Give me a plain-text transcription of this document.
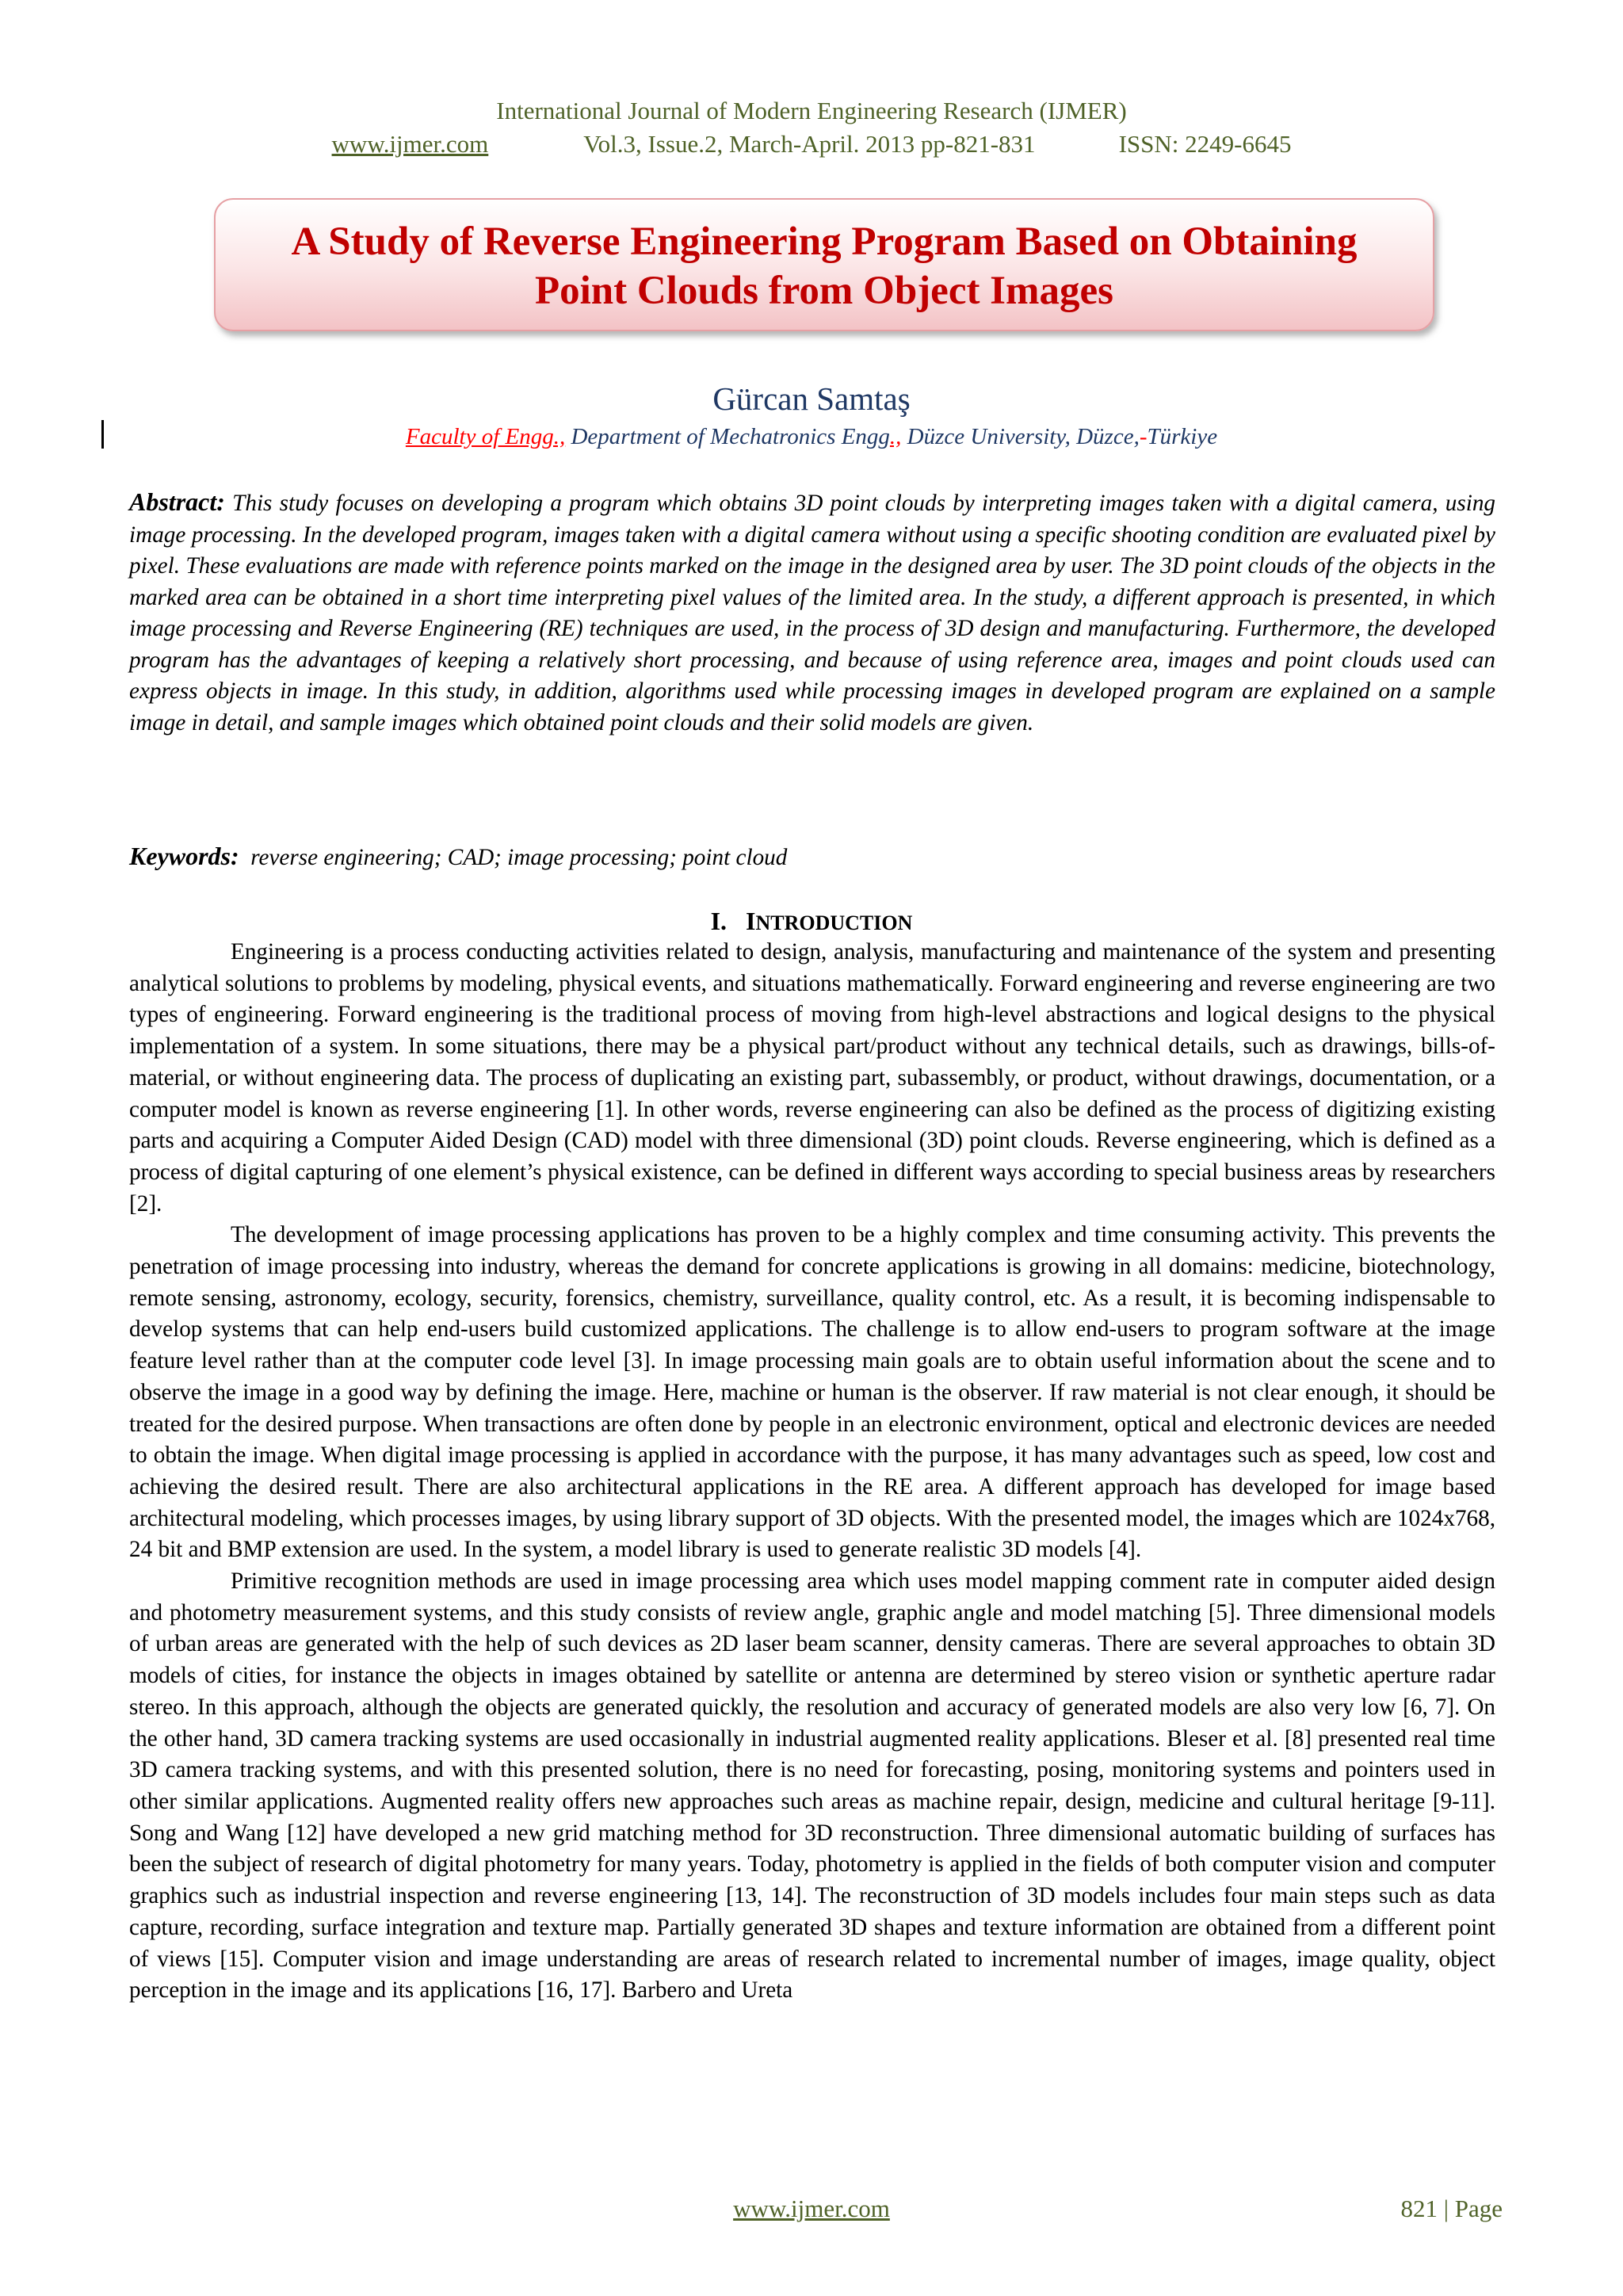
International Journal of Modern Engineering Research (IJMER)
www.ijmer.com	Vol.3, Issue.2, March-April. 2013 pp-821-831	ISSN: 2249-6645
A Study of Reverse Engineering Program Based on Obtaining
Point Clouds from Object Images
Gürcan Samtaş
Faculty of Engg., Department of Mechatronics Engg., Düzce University, Düzce,-Türkiye
Abstract: This study focuses on developing a program which obtains 3D point clouds by interpreting images taken with a digital camera, using image processing. In the developed program, images taken with a digital camera without using a specific shooting condition are evaluated pixel by pixel. These evaluations are made with reference points marked on the image in the designed area by user. The 3D point clouds of the objects in the marked area can be obtained in a short time interpreting pixel values of the limited area. In the study, a different approach is presented, in which image processing and Reverse Engineering (RE) techniques are used, in the process of 3D design and manufacturing. Furthermore, the developed program has the advantages of keeping a relatively short processing, and because of using reference area, images and point clouds used can express objects in image. In this study, in addition, algorithms used while processing images in developed program are explained on a sample image in detail, and sample images which obtained point clouds and their solid models are given.
Keywords: reverse engineering; CAD; image processing; point cloud
I. INTRODUCTION

Engineering is a process conducting activities related to design, analysis, manufacturing and maintenance of the system and presenting analytical solutions to problems by modeling, physical events, and situations mathematically. Forward engineering and reverse engineering are two types of engineering. Forward engineering is the traditional process of moving from high-level abstractions and logical designs to the physical implementation of a system. In some situations, there may be a physical part/product without any technical details, such as drawings, bills-of-material, or without engineering data. The process of duplicating an existing part, subassembly, or product, without drawings, documentation, or a computer model is known as reverse engineering [1]. In other words, reverse engineering can also be defined as the process of digitizing existing parts and acquiring a Computer Aided Design (CAD) model with three dimensional (3D) point clouds. Reverse engineering, which is defined as a process of digital capturing of one element’s physical existence, can be defined in different ways according to special business areas by researchers [2].

The development of image processing applications has proven to be a highly complex and time consuming activity. This prevents the penetration of image processing into industry, whereas the demand for concrete applications is growing in all domains: medicine, biotechnology, remote sensing, astronomy, ecology, security, forensics, chemistry, surveillance, quality control, etc. As a result, it is becoming indispensable to develop systems that can help end-users build customized applications. The challenge is to allow end-users to program software at the image feature level rather than at the computer code level [3]. In image processing main goals are to obtain useful information about the scene and to observe the image in a good way by defining the image. Here, machine or human is the observer. If raw material is not clear enough, it should be treated for the desired purpose. When transactions are often done by people in an electronic environment, optical and electronic devices are needed to obtain the image. When digital image processing is applied in accordance with the purpose, it has many advantages such as speed, low cost and achieving the desired result. There are also architectural applications in the RE area. A different approach has developed for image based architectural modeling, which processes images, by using library support of 3D objects. With the presented model, the images which are 1024x768, 24 bit and BMP extension are used. In the system, a model library is used to generate realistic 3D models [4].

Primitive recognition methods are used in image processing area which uses model mapping comment rate in computer aided design and photometry measurement systems, and this study consists of review angle, graphic angle and model matching [5]. Three dimensional models of urban areas are generated with the help of such devices as 2D laser beam scanner, density cameras. There are several approaches to obtain 3D models of cities, for instance the objects in images obtained by satellite or antenna are determined by stereo vision or synthetic aperture radar stereo. In this approach, although the objects are generated quickly, the resolution and accuracy of generated models are also very low [6, 7]. On the other hand, 3D camera tracking systems are used occasionally in industrial augmented reality applications. Bleser et al. [8] presented real time 3D camera tracking systems, and with this presented solution, there is no need for forecasting, posing, monitoring systems and pointers used in other similar applications. Augmented reality offers new approaches such areas as machine repair, design, medicine and cultural heritage [9-11]. Song and Wang [12] have developed a new grid matching method for 3D reconstruction. Three dimensional automatic building of surfaces has been the subject of research of digital photometry for many years. Today, photometry is applied in the fields of both computer vision and computer graphics such as industrial inspection and reverse engineering [13, 14]. The reconstruction of 3D models includes four main steps such as data capture, recording, surface integration and texture map. Partially generated 3D shapes and texture information are obtained from a different point of views [15]. Computer vision and image understanding are areas of research related to incremental number of images, image quality, object perception in the image and its applications [16, 17]. Barbero and Ureta

www.ijmer.com	821 | Page
